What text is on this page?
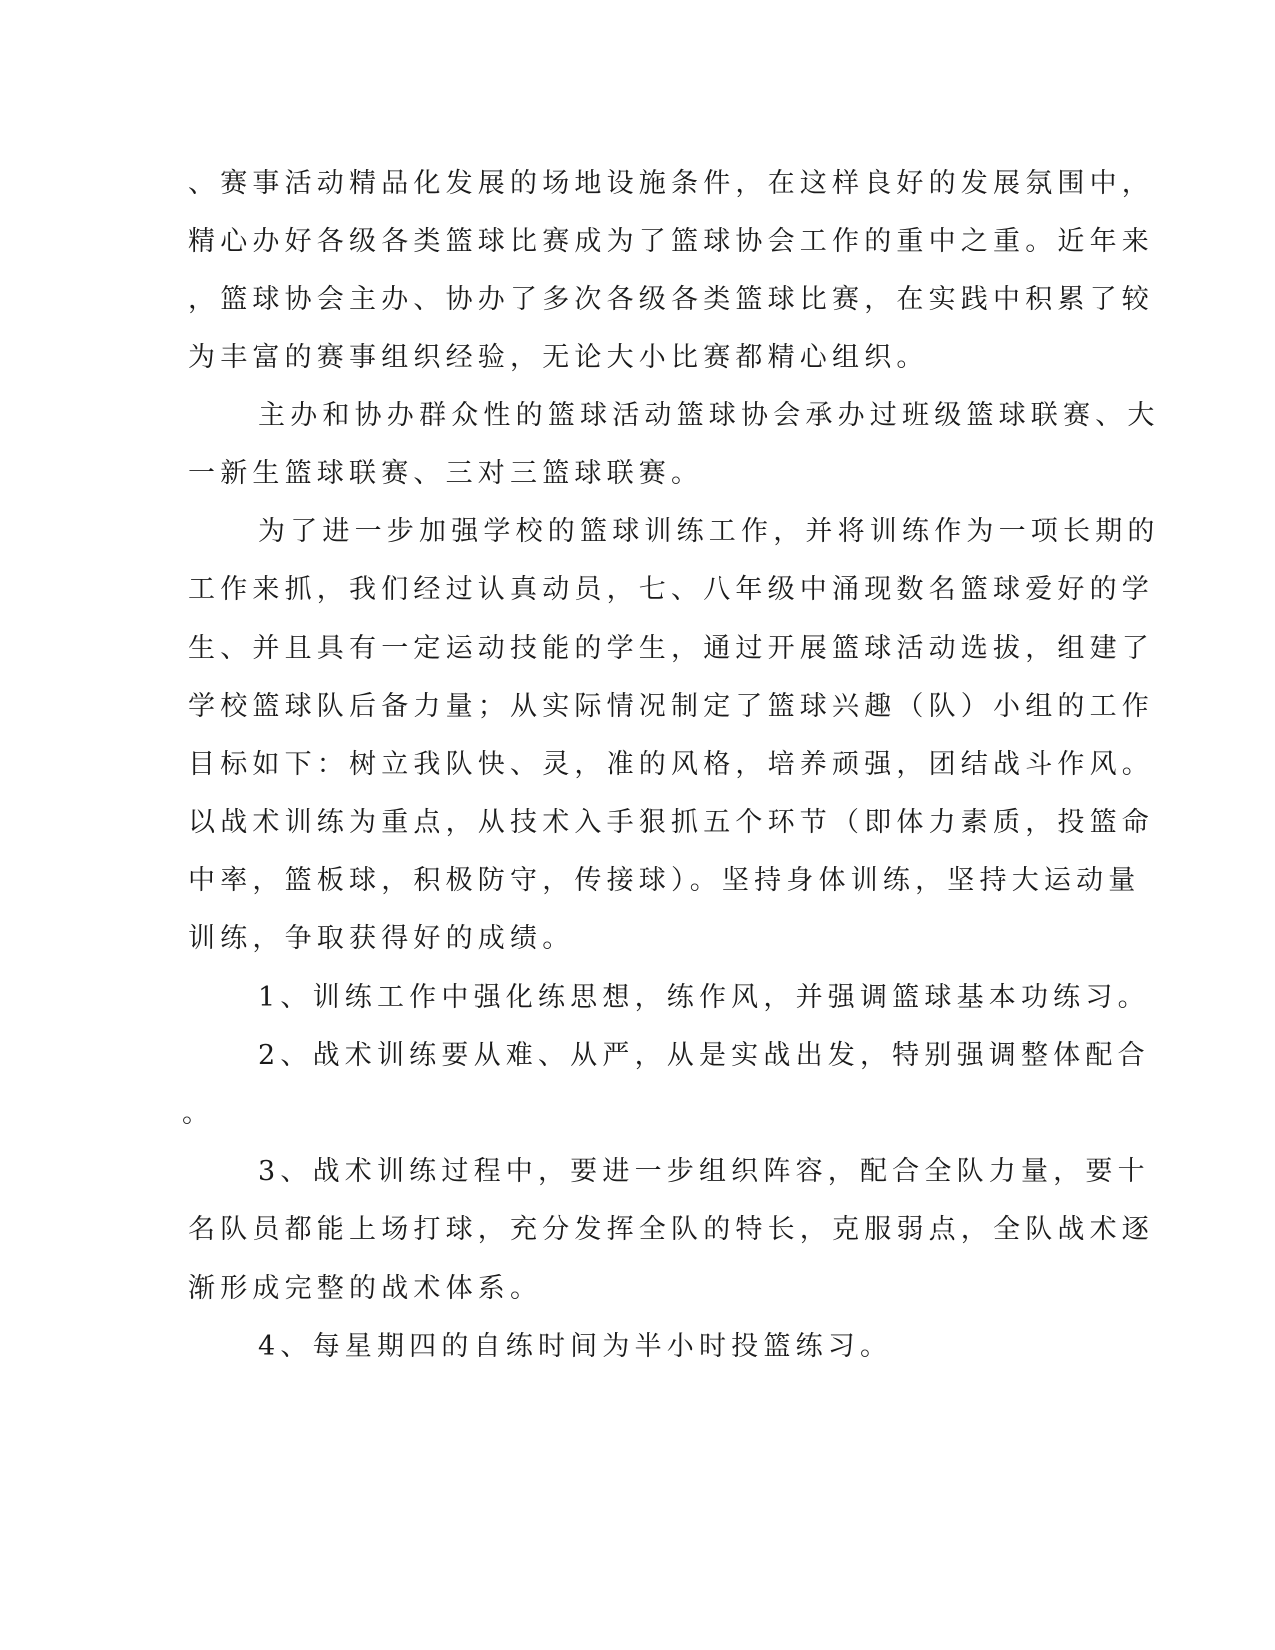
、赛事活动精品化发展的场地设施条件，在这样良好的发展氛围中，

精心办好各级各类篮球比赛成为了篮球协会工作的重中之重。近年来

，篮球协会主办、协办了多次各级各类篮球比赛，在实践中积累了较

为丰富的赛事组织经验，无论大小比赛都精心组织。

主办和协办群众性的篮球活动篮球协会承办过班级篮球联赛、大

一新生篮球联赛、三对三篮球联赛。

为了进一步加强学校的篮球训练工作，并将训练作为一项长期的

工作来抓，我们经过认真动员，七、八年级中涌现数名篮球爱好的学

生、并且具有一定运动技能的学生，通过开展篮球活动选拔，组建了

学校篮球队后备力量；从实际情况制定了篮球兴趣（队）小组的工作

目标如下：树立我队快、灵，准的风格，培养顽强，团结战斗作风。

以战术训练为重点，从技术入手狠抓五个环节（即体力素质，投篮命

中率，篮板球，积极防守，传接球）。坚持身体训练，坚持大运动量

训练，争取获得好的成绩。

1、训练工作中强化练思想，练作风，并强调篮球基本功练习。

2、战术训练要从难、从严，从是实战出发，特别强调整体配合

。

3、战术训练过程中，要进一步组织阵容，配合全队力量，要十

名队员都能上场打球，充分发挥全队的特长，克服弱点，全队战术逐

渐形成完整的战术体系。

4、每星期四的自练时间为半小时投篮练习。
